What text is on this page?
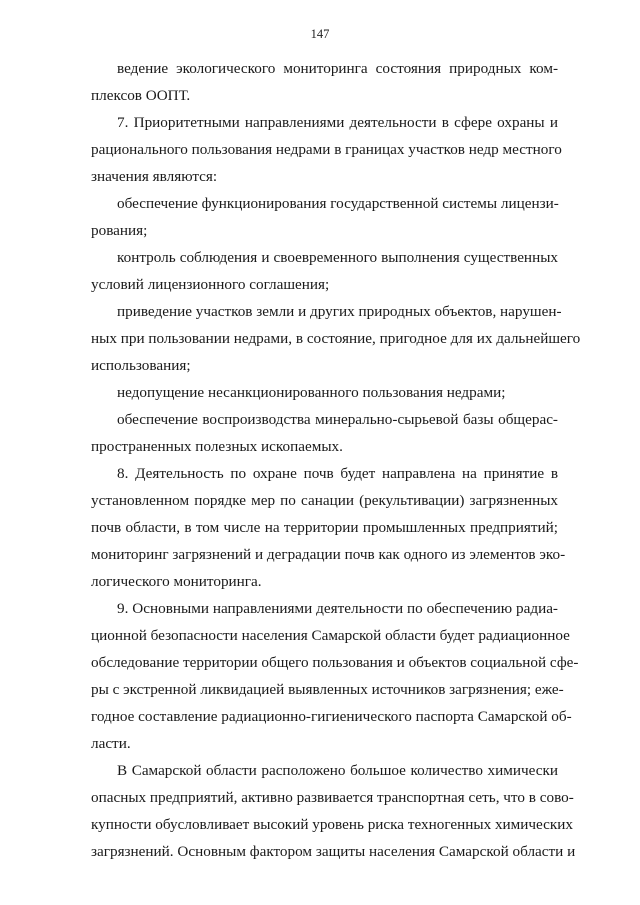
147
ведение экологического мониторинга состояния природных ком-
плексов ООПТ.
7. Приоритетными направлениями деятельности в сфере охраны и
рационального пользования недрами в границах участков недр местного
значения являются:
обеспечение функционирования государственной системы лицензи-
рования;
контроль соблюдения и своевременного выполнения существенных
условий лицензионного соглашения;
приведение участков земли и других природных объектов, нарушен-
ных при пользовании недрами, в состояние, пригодное для их дальнейшего
использования;
недопущение несанкционированного пользования недрами;
обеспечение воспроизводства минерально-сырьевой базы общерас-
пространенных полезных ископаемых.
8. Деятельность по охране почв будет направлена на принятие в
установленном порядке мер по санации (рекультивации) загрязненных
почв области, в том числе на территории промышленных предприятий;
мониторинг загрязнений и деградации почв как одного из элементов эко-
логического мониторинга.
9. Основными направлениями деятельности по обеспечению радиа-
ционной безопасности населения Самарской области будет радиационное
обследование территории общего пользования и объектов социальной сфе-
ры с экстренной ликвидацией выявленных источников загрязнения; еже-
годное составление радиационно-гигиенического паспорта Самарской об-
ласти.
В Самарской области расположено большое количество химически
опасных предприятий, активно развивается транспортная сеть, что в сово-
купности обусловливает высокий уровень риска техногенных химических
загрязнений. Основным фактором защиты населения Самарской области и
